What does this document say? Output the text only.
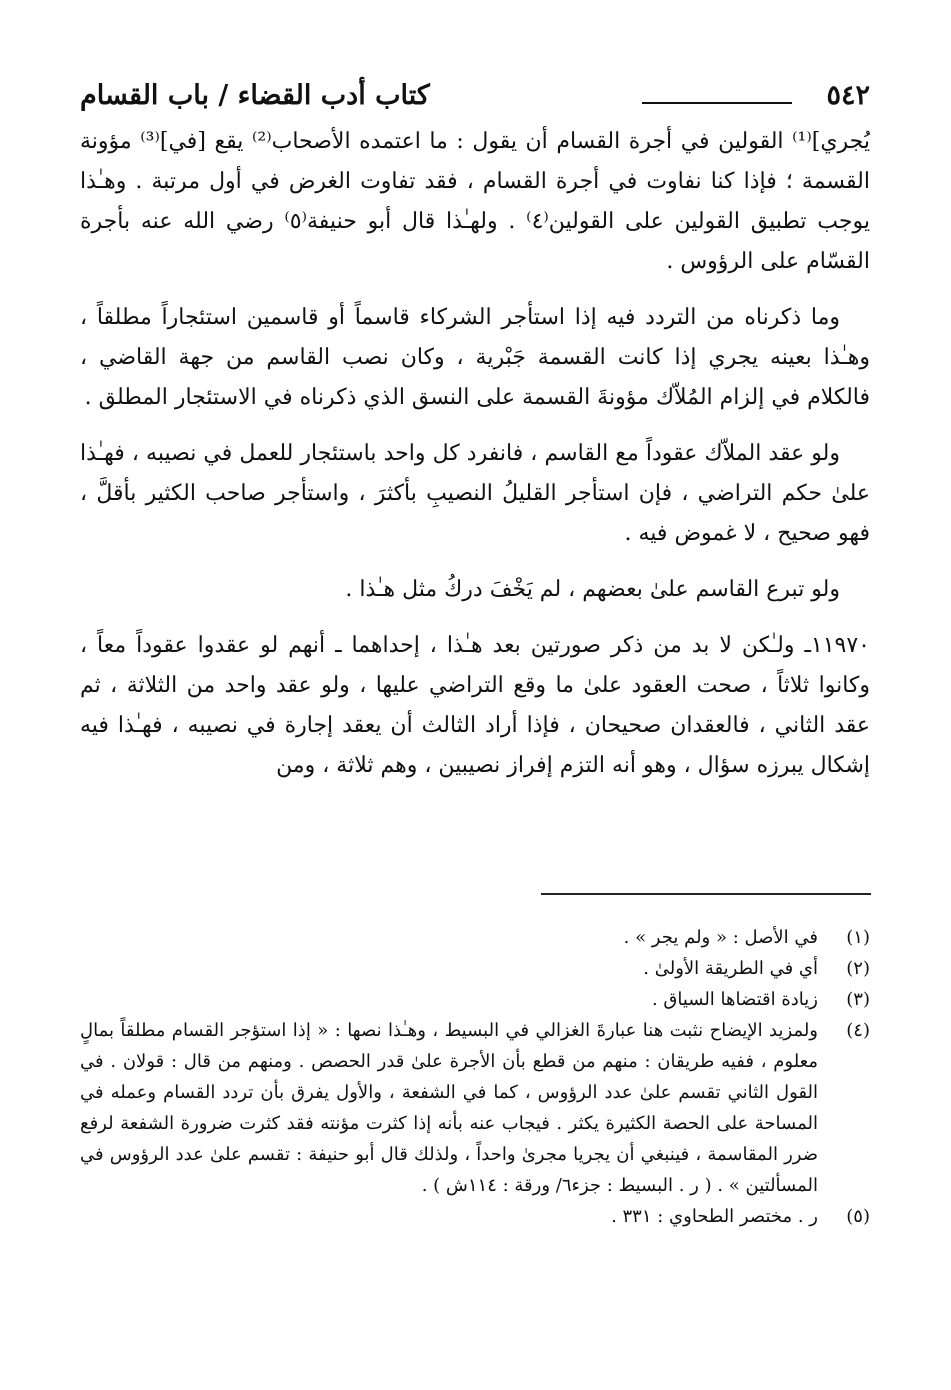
٥٤٢
كتاب أدب القضاء / باب القسام

يُجري]⁽¹⁾ القولين في أجرة القسام أن يقول : ما اعتمده الأصحاب⁽²⁾ يقع [في]⁽³⁾ مؤونة القسمة ؛ فإذا كنا نفاوت في أجرة القسام ، فقد تفاوت الغرض في أول مرتبة . وهـٰذا يوجب تطبيق القولين على القولين⁽٤⁾ . ولهـٰذا قال أبو حنيفة⁽٥⁾ رضي الله عنه بأجرة القسّام على الرؤوس .

وما ذكرناه من التردد فيه إذا استأجر الشركاء قاسماً أو قاسمين استئجاراً مطلقاً ، وهـٰذا بعينه يجري إذا كانت القسمة جَبْرية ، وكان نصب القاسم من جهة القاضي ، فالكلام في إلزام المُلاّك مؤونةَ القسمة على النسق الذي ذكرناه في الاستئجار المطلق .

ولو عقد الملاّك عقوداً مع القاسم ، فانفرد كل واحد باستئجار للعمل في نصيبه ، فهـٰذا علىٰ حكم التراضي ، فإن استأجر القليلُ النصيبِ بأكثرَ ، واستأجر صاحب الكثير بأقلَّ ، فهو صحيح ، لا غموض فيه .

ولو تبرع القاسم علىٰ بعضهم ، لم يَخْفَ دركُ مثل هـٰذا .

١١٩٧٠ـ ولـٰكن لا بد من ذكر صورتين بعد هـٰذا ، إحداهما ـ أنهم لو عقدوا عقوداً معاً ، وكانوا ثلاثاً ، صحت العقود علىٰ ما وقع التراضي عليها ، ولو عقد واحد من الثلاثة ، ثم عقد الثاني ، فالعقدان صحيحان ، فإذا أراد الثالث أن يعقد إجارة في نصيبه ، فهـٰذا فيه إشكال يبرزه سؤال ، وهو أنه التزم إفراز نصيبين ، وهم ثلاثة ، ومن

(١)
في الأصل : « ولم يجر » .
(٢)
أي في الطريقة الأولىٰ .
(٣)
زيادة اقتضاها السياق .
(٤)
ولمزيد الإيضاح نثبت هنا عبارةَ الغزالي في البسيط ، وهـٰذا نصها : « إذا استؤجر القسام مطلقاً بمالٍ معلوم ، ففيه طريقان : منهم من قطع بأن الأجرة علىٰ قدر الحصص . ومنهم من قال : قولان . في القول الثاني تقسم علىٰ عدد الرؤوس ، كما في الشفعة ، والأول يفرق بأن تردد القسام وعمله في المساحة على الحصة الكثيرة يكثر . فيجاب عنه بأنه إذا كثرت مؤنته فقد كثرت ضرورة الشفعة لرفع ضرر المقاسمة ، فينبغي أن يجريا مجرىٰ واحداً ، ولذلك قال أبو حنيفة : تقسم علىٰ عدد الرؤوس في المسألتين » . ( ر . البسيط : جزء٦/ ورقة : ١١٤ش ) .
(٥)
ر . مختصر الطحاوي : ٣٣١ .
